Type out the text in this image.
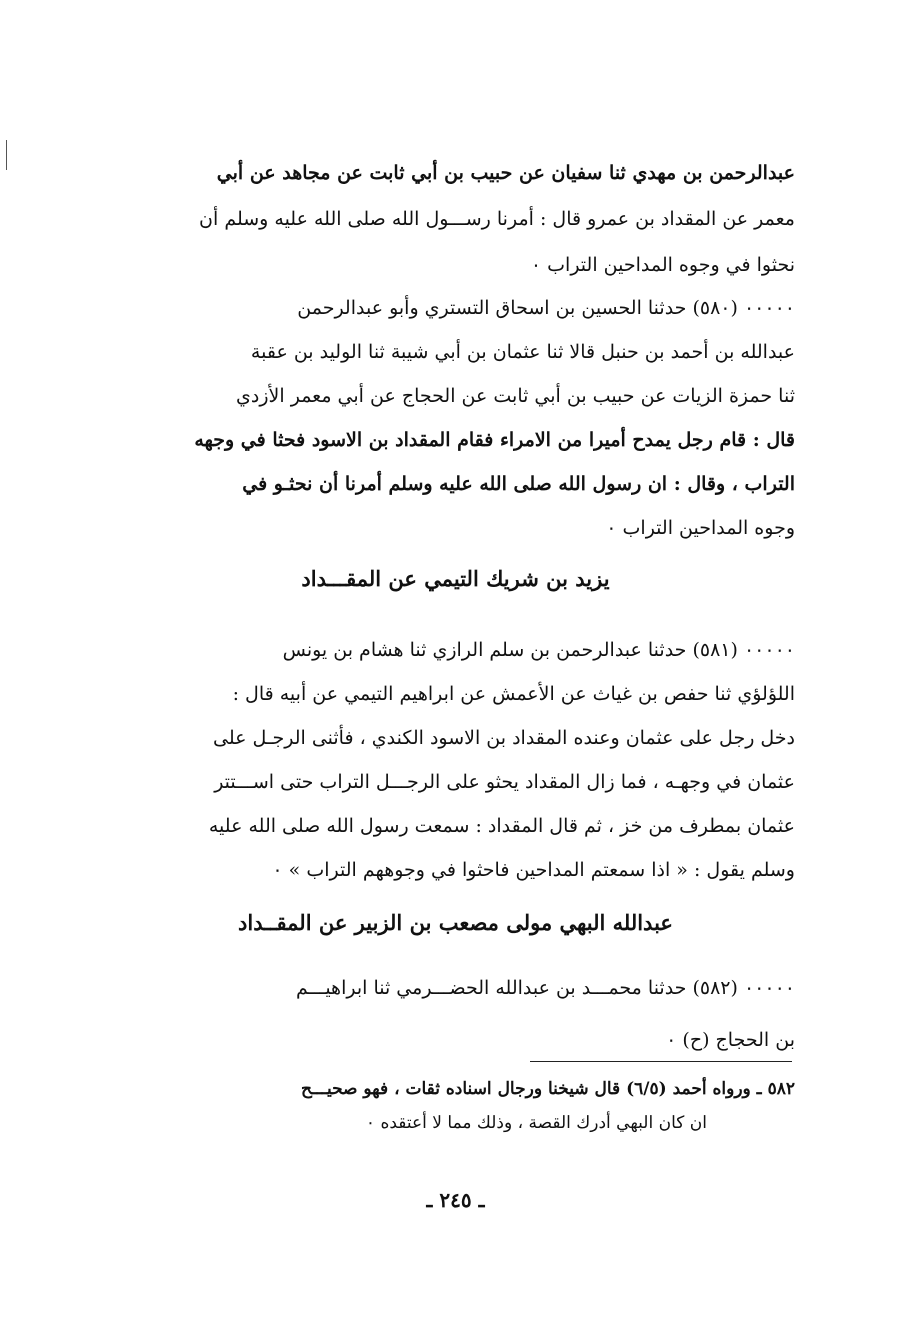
عبدالرحمن بن مهدي ثنا سفيان عن حبيب بن أبي ثابت عن مجاهد عن أبي
معمر عن المقداد بن عمرو قال : أمرنا رســـول الله صلى الله عليه وسلم أن
نحثوا في وجوه المداحين التراب ٠
٠٠٠٠٠ (٥٨٠) حدثنا الحسين بن اسحاق التستري وأبو عبدالرحمن
عبدالله بن أحمد بن حنبل قالا ثنا عثمان بن أبي شيبة ثنا الوليد بن عقبة
ثنا حمزة الزيات عن حبيب بن أبي ثابت عن الحجاج عن أبي معمر الأزدي
قال : قام رجل يمدح أميرا من الامراء فقام المقداد بن الاسود فحثا في وجهه
التراب ، وقال : ان رسول الله صلى الله عليه وسلم أمرنا أن نحثـو في
وجوه المداحين التراب ٠
يزيد بن شريك التيمي عن المقـــداد
٠٠٠٠٠ (٥٨١) حدثنا عبدالرحمن بن سلم الرازي ثنا هشام بن يونس
اللؤلؤي ثنا حفص بن غياث عن الأعمش عن ابراهيم التيمي عن أبيه قال :
دخل رجل على عثمان وعنده المقداد بن الاسود الكندي ، فأثنى الرجـل على
عثمان في وجهـه ، فما زال المقداد يحثو على الرجـــل التراب حتى اســـتتر
عثمان بمطرف من خز ، ثم قال المقداد : سمعت رسول الله صلى الله عليه
وسلم يقول : « اذا سمعتم المداحين فاحثوا في وجوههم التراب » ٠
عبدالله البهي مولى مصعب بن الزبير عن المقــداد
٠٠٠٠٠ (٥٨٢) حدثنا محمـــد بن عبدالله الحضـــرمي ثنا ابراهيـــم
بن الحجاج (ح) ٠
٥٨٢ ـ ورواه أحمد (٦/٥) قال شيخنا ورجال اسناده ثقات ، فهو صحيـــح
ان كان البهي أدرك القصة ، وذلك مما لا أعتقده ٠
ـ ٢٤٥ ـ
